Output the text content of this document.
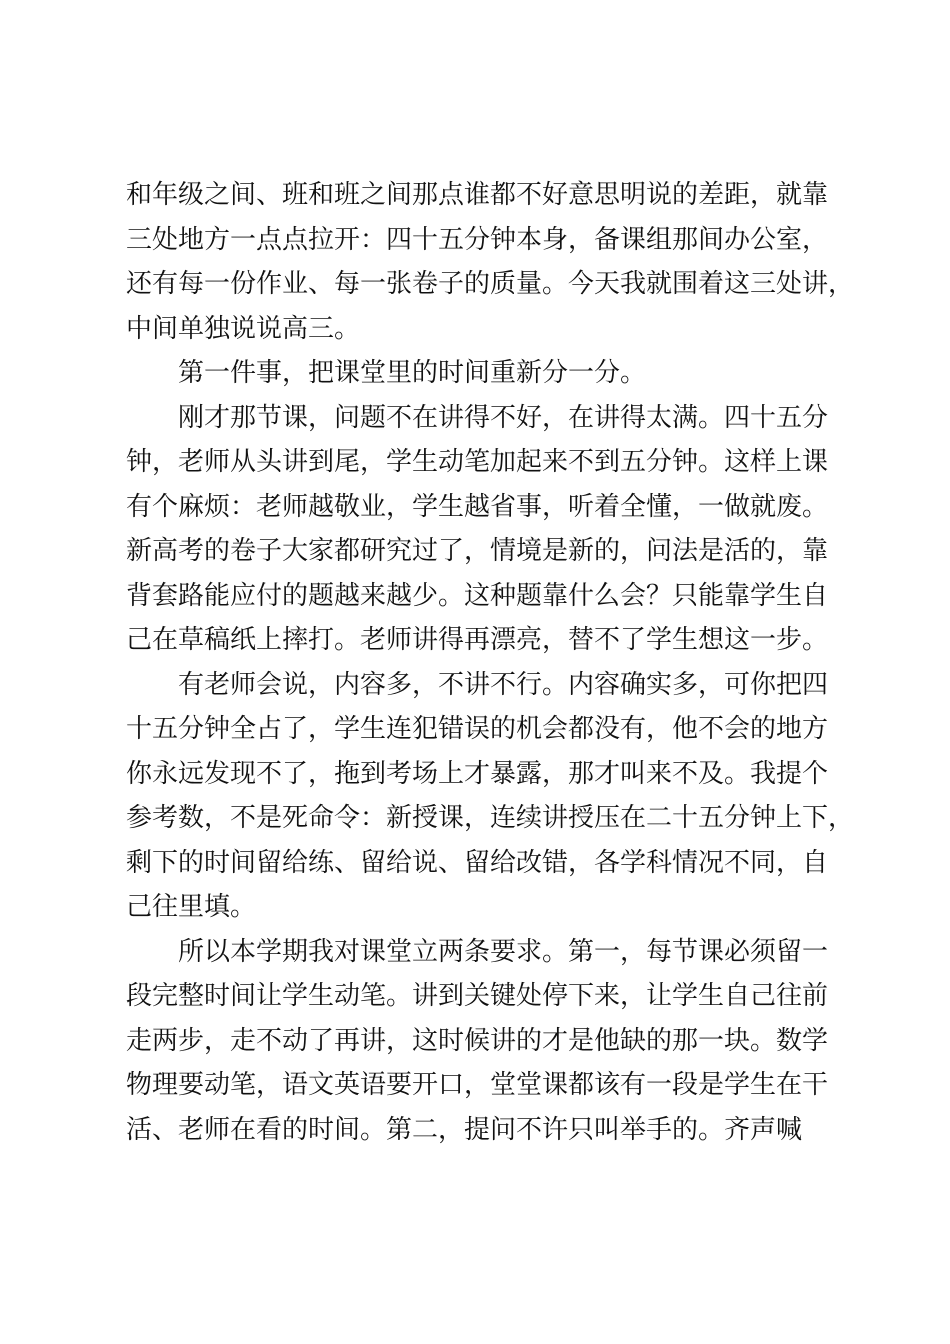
和年级之间、班和班之间那点谁都不好意思明说的差距，就靠
三处地方一点点拉开：四十五分钟本身，备课组那间办公室，
还有每一份作业、每一张卷子的质量。今天我就围着这三处讲，
中间单独说说高三。
第一件事，把课堂里的时间重新分一分。
刚才那节课，问题不在讲得不好，在讲得太满。四十五分
钟，老师从头讲到尾，学生动笔加起来不到五分钟。这样上课
有个麻烦：老师越敬业，学生越省事，听着全懂，一做就废。
新高考的卷子大家都研究过了，情境是新的，问法是活的，靠
背套路能应付的题越来越少。这种题靠什么会？只能靠学生自
己在草稿纸上摔打。老师讲得再漂亮，替不了学生想这一步。
有老师会说，内容多，不讲不行。内容确实多，可你把四
十五分钟全占了，学生连犯错误的机会都没有，他不会的地方
你永远发现不了，拖到考场上才暴露，那才叫来不及。我提个
参考数，不是死命令：新授课，连续讲授压在二十五分钟上下，
剩下的时间留给练、留给说、留给改错，各学科情况不同，自
己往里填。
所以本学期我对课堂立两条要求。第一，每节课必须留一
段完整时间让学生动笔。讲到关键处停下来，让学生自己往前
走两步，走不动了再讲，这时候讲的才是他缺的那一块。数学
物理要动笔，语文英语要开口，堂堂课都该有一段是学生在干
活、老师在看的时间。第二，提问不许只叫举手的。齐声喊
